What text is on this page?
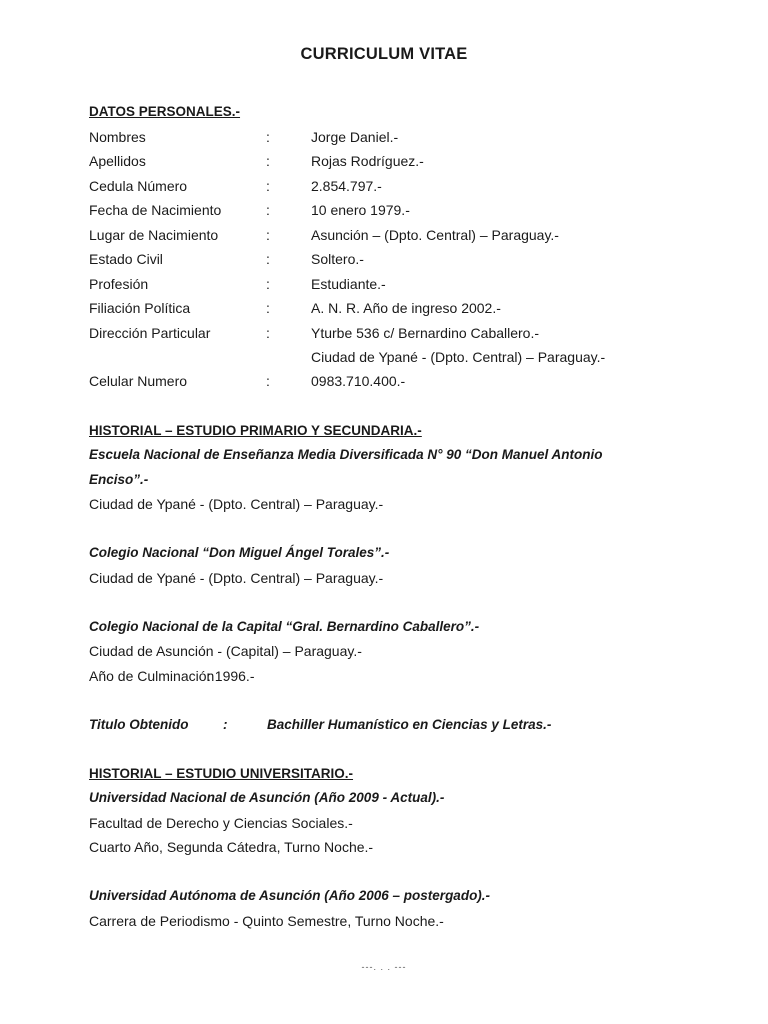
CURRICULUM VITAE
DATOS PERSONALES.-
Nombres	:	Jorge Daniel.-
Apellidos	:	Rojas Rodríguez.-
Cedula Número	:	2.854.797.-
Fecha de Nacimiento	:	10 enero 1979.-
Lugar de Nacimiento	:	Asunción – (Dpto. Central) – Paraguay.-
Estado Civil	:	Soltero.-
Profesión	:	Estudiante.-
Filiación Política	:	A. N. R. Año de ingreso 2002.-
Dirección Particular	:	Yturbe 536 c/ Bernardino Caballero.-
Ciudad de Ypané - (Dpto. Central) – Paraguay.-
Celular Numero	:	0983.710.400.-
HISTORIAL – ESTUDIO PRIMARIO Y SECUNDARIA.-
Escuela Nacional de Enseñanza Media Diversificada N° 90 “Don Manuel Antonio
Enciso”.-
Ciudad de Ypané - (Dpto. Central) – Paraguay.-
Colegio Nacional “Don Miguel Ángel Torales”.-
Ciudad de Ypané - (Dpto. Central) – Paraguay.-
Colegio Nacional de la Capital “Gral. Bernardino Caballero”.-
Ciudad de Asunción - (Capital) – Paraguay.-
Año de Culminación
: 1996.-
Titulo Obtenido	:	Bachiller Humanístico en Ciencias y Letras.-
HISTORIAL – ESTUDIO UNIVERSITARIO.-
Universidad Nacional de Asunción (Año 2009 - Actual).-
Facultad de Derecho y Ciencias Sociales.-
Cuarto Año, Segunda Cátedra, Turno Noche.-
Universidad Autónoma de Asunción (Año 2006 – postergado).-
Carrera de Periodismo - Quinto Semestre, Turno Noche.-
---. . . ---
